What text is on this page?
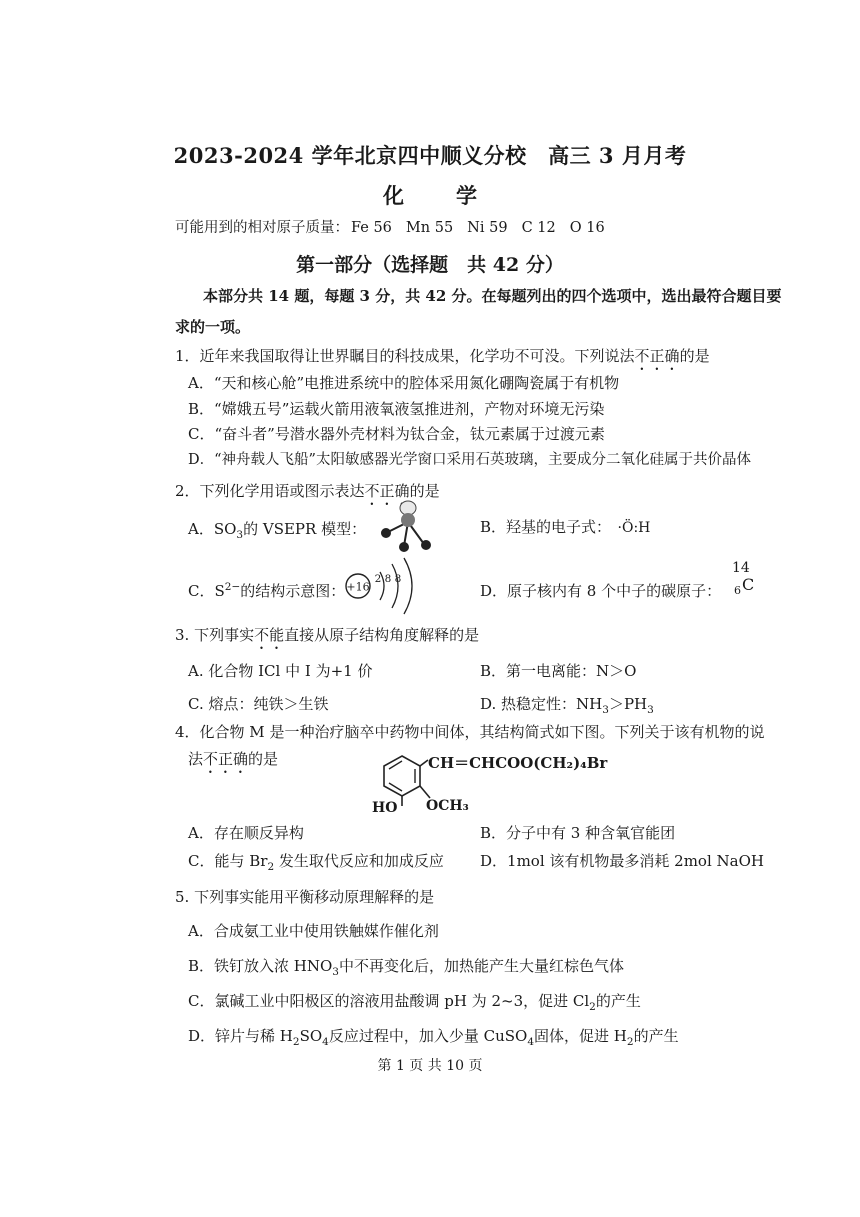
2023-2024 学年北京四中顺义分校　高三 3 月月考
化 学
可能用到的相对原子质量： Fe 56 Mn 55 Ni 59 C 12 O 16
第一部分（选择题　共 42 分）
本部分共 14 题，每题 3 分，共 42 分。在每题列出的四个选项中，选出最符合题目要
求的一项。
1．近年来我国取得让世界瞩目的科技成果，化学功不可没。下列说法不正确的是
A．“天和核心舱”电推进系统中的腔体采用氮化硼陶瓷属于有机物
B．“嫦娥五号”运载火箭用液氧液氢推进剂，产物对环境无污染
C．“奋斗者”号潜水器外壳材料为钛合金，钛元素属于过渡元素
D．“神舟载人飞船”太阳敏感器光学窗口采用石英玻璃，主要成分二氧化硅属于共价晶体
2．下列化学用语或图示表达不正确的是
A．$SO_3$的 VSEPR 模型：	B．羟基的电子式： ·Ö:H
C．$S^{2-}$的结构示意图： +16
2 8 8
D．原子核内有 8 个中子的碳原子：
14
6 C
3. 下列事实不能直接从原子结构角度解释的是
A. 化合物 ICl 中 I 为+1 价	B．第一电离能：N＞O
C. 熔点：纯铁＞生铁	D. 热稳定性：$NH_3>PH_3$
4．化合物 M 是一种治疗脑卒中药物中间体，其结构简式如下图。下列关于该有机物的说
法不正确的是	CH＝CHCOO(CH₂)₄Br
HO OCH₃
A．存在顺反异构	B．分子中有 3 种含氧官能团
C．能与 $Br_2$ 发生取代反应和加成反应 D．1mol 该有机物最多消耗 2mol NaOH
5. 下列事实能用平衡移动原理解释的是
A．合成氨工业中使用铁触媒作催化剂
B．铁钉放入浓 $HNO_3$中不再变化后，加热能产生大量红棕色气体
C．氯碱工业中阳极区的溶液用盐酸调 pH 为 2~3，促进 $Cl_2$的产生
D．锌片与稀 $H_2SO_4$反应过程中，加入少量 CuSO$_4$固体，促进 $H_2$的产生
第 1 页 共 10 页
